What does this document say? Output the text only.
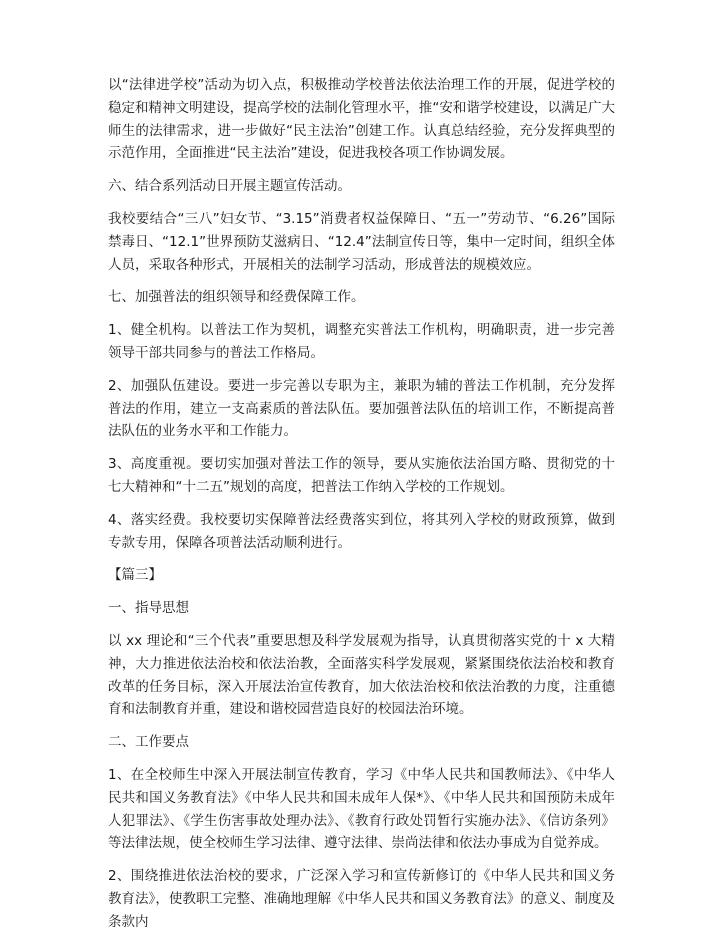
以“法律进学校”活动为切入点，积极推动学校普法依法治理工作的开展，促进学校的稳定和精神文明建设，提高学校的法制化管理水平，推“安和谐学校建设，以满足广大师生的法律需求，进一步做好“民主法治”创建工作。认真总结经验，充分发挥典型的示范作用，全面推进“民主法治”建设，促进我校各项工作协调发展。

六、结合系列活动日开展主题宣传活动。

我校要结合“三八”妇女节、“3.15”消费者权益保障日、“五一”劳动节、“6.26”国际禁毒日、“12.1”世界预防艾滋病日、“12.4”法制宣传日等，集中一定时间，组织全体人员，采取各种形式，开展相关的法制学习活动，形成普法的规模效应。

七、加强普法的组织领导和经费保障工作。

1、健全机构。以普法工作为契机，调整充实普法工作机构，明确职责，进一步完善领导干部共同参与的普法工作格局。

2、加强队伍建设。要进一步完善以专职为主，兼职为辅的普法工作机制，充分发挥普法的作用，建立一支高素质的普法队伍。要加强普法队伍的培训工作，不断提高普法队伍的业务水平和工作能力。

3、高度重视。要切实加强对普法工作的领导，要从实施依法治国方略、贯彻党的十七大精神和“十二五”规划的高度，把普法工作纳入学校的工作规划。

4、落实经费。我校要切实保障普法经费落实到位，将其列入学校的财政预算，做到专款专用，保障各项普法活动顺利进行。

【篇三】

一、指导思想

以 xx 理论和“三个代表”重要思想及科学发展观为指导，认真贯彻落实党的十 x 大精神，大力推进依法治校和依法治教，全面落实科学发展观，紧紧围绕依法治校和教育改革的任务目标，深入开展法治宣传教育，加大依法治校和依法治教的力度，注重德育和法制教育并重，建设和谐校园营造良好的校园法治环境。

二、工作要点

1、在全校师生中深入开展法制宣传教育，学习《中华人民共和国教师法》、《中华人民共和国义务教育法》《中华人民共和国未成年人保*》、《中华人民共和国预防未成年人犯罪法》、《学生伤害事故处理办法》、《教育行政处罚暂行实施办法》、《信访条列》等法律法规，使全校师生学习法律、遵守法律、崇尚法律和依法办事成为自觉养成。

2、围绕推进依法治校的要求，广泛深入学习和宣传新修订的《中华人民共和国义务教育法》，使教职工完整、准确地理解《中华人民共和国义务教育法》的意义、制度及条款内
